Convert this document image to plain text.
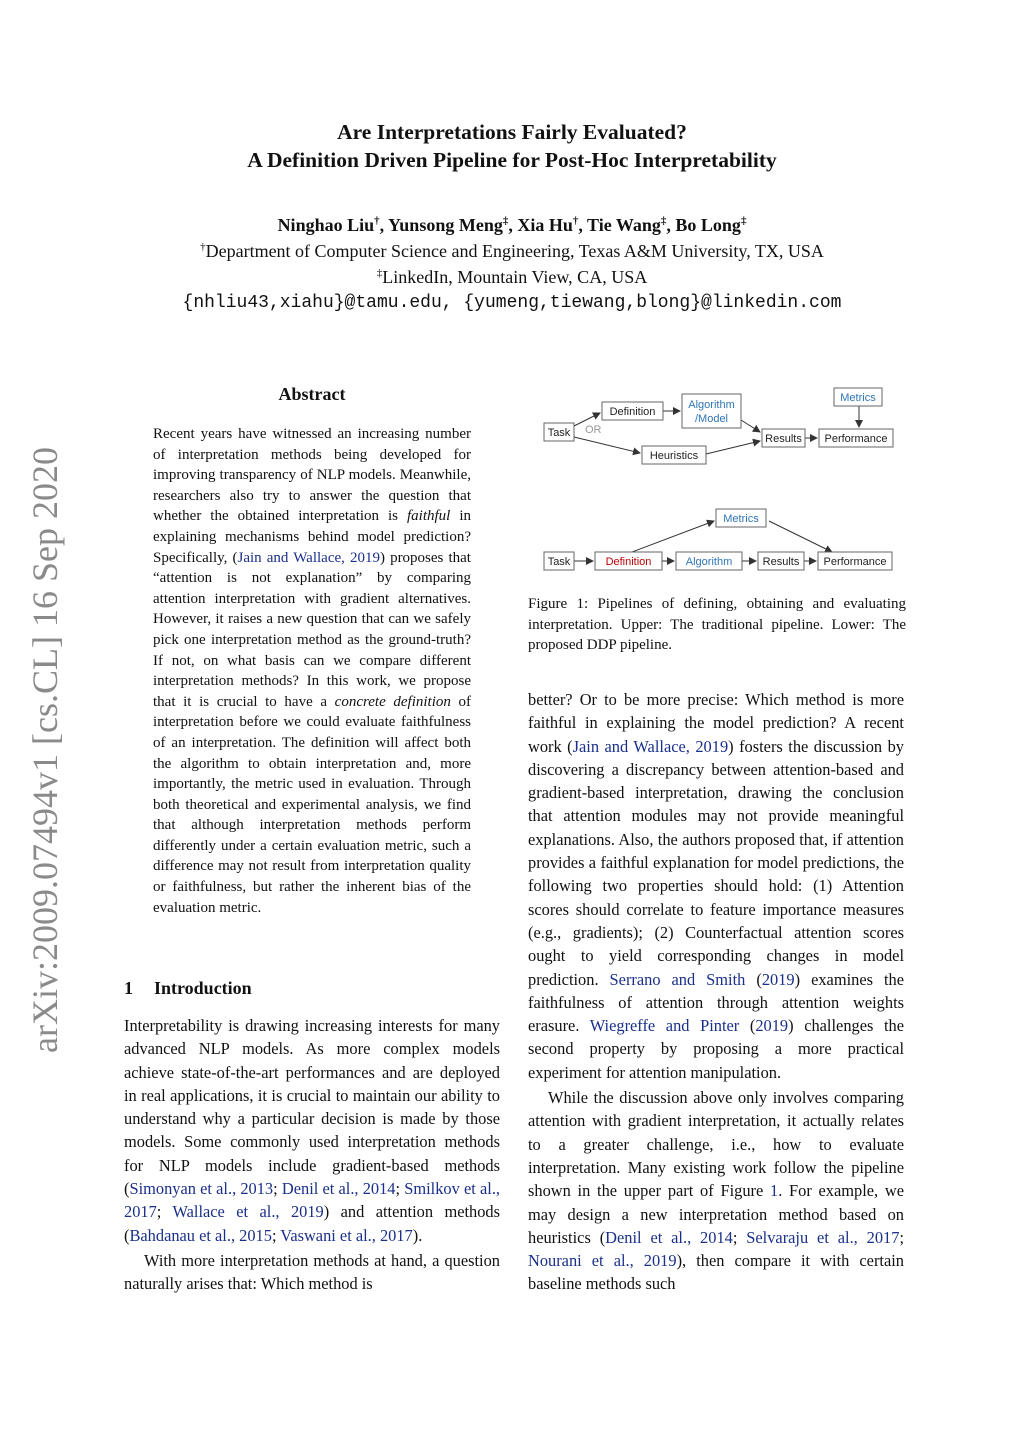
Are Interpretations Fairly Evaluated?
A Definition Driven Pipeline for Post-Hoc Interpretability
Ninghao Liu†, Yunsong Meng‡, Xia Hu†, Tie Wang‡, Bo Long‡
†Department of Computer Science and Engineering, Texas A&M University, TX, USA
‡LinkedIn, Mountain View, CA, USA
{nhliu43,xiahu}@tamu.edu, {yumeng,tiewang,blong}@linkedin.com
arXiv:2009.07494v1 [cs.CL] 16 Sep 2020
Abstract
Recent years have witnessed an increasing number of interpretation methods being developed for improving transparency of NLP models. Meanwhile, researchers also try to answer the question that whether the obtained interpretation is faithful in explaining mechanisms behind model prediction? Specifically, (Jain and Wallace, 2019) proposes that “attention is not explanation” by comparing attention interpretation with gradient alternatives. However, it raises a new question that can we safely pick one interpretation method as the ground-truth? If not, on what basis can we compare different interpretation methods? In this work, we propose that it is crucial to have a concrete definition of interpretation before we could evaluate faithfulness of an interpretation. The definition will affect both the algorithm to obtain interpretation and, more importantly, the metric used in evaluation. Through both theoretical and experimental analysis, we find that although interpretation methods perform differently under a certain evaluation metric, such a difference may not result from interpretation quality or faithfulness, but rather the inherent bias of the evaluation metric.
1 Introduction

Interpretability is drawing increasing interests for many advanced NLP models. As more complex models achieve state-of-the-art performances and are deployed in real applications, it is crucial to maintain our ability to understand why a particular decision is made by those models. Some commonly used interpretation methods for NLP models include gradient-based methods (Simonyan et al., 2013; Denil et al., 2014; Smilkov et al., 2017; Wallace et al., 2019) and attention methods (Bahdanau et al., 2015; Vaswani et al., 2017).

With more interpretation methods at hand, a question naturally arises that: Which method is

Task OR
Definition
Algorithm
/Model
Heuristics
Results Performance
Metrics
Task	Definition	Algorithm	Results Performance
Metrics
Figure 1: Pipelines of defining, obtaining and evaluating interpretation. Upper: The traditional pipeline. Lower: The proposed DDP pipeline.

better? Or to be more precise: Which method is more faithful in explaining the model prediction? A recent work (Jain and Wallace, 2019) fosters the discussion by discovering a discrepancy between attention-based and gradient-based interpretation, drawing the conclusion that attention modules may not provide meaningful explanations. Also, the authors proposed that, if attention provides a faithful explanation for model predictions, the following two properties should hold: (1) Attention scores should correlate to feature importance measures (e.g., gradients); (2) Counterfactual attention scores ought to yield corresponding changes in model prediction. Serrano and Smith (2019) examines the faithfulness of attention through attention weights erasure. Wiegreffe and Pinter (2019) challenges the second property by proposing a more practical experiment for attention manipulation.

While the discussion above only involves comparing attention with gradient interpretation, it actually relates to a greater challenge, i.e., how to evaluate interpretation. Many existing work follow the pipeline shown in the upper part of Figure 1. For example, we may design a new interpretation method based on heuristics (Denil et al., 2014; Selvaraju et al., 2017; Nourani et al., 2019), then compare it with certain baseline methods such
